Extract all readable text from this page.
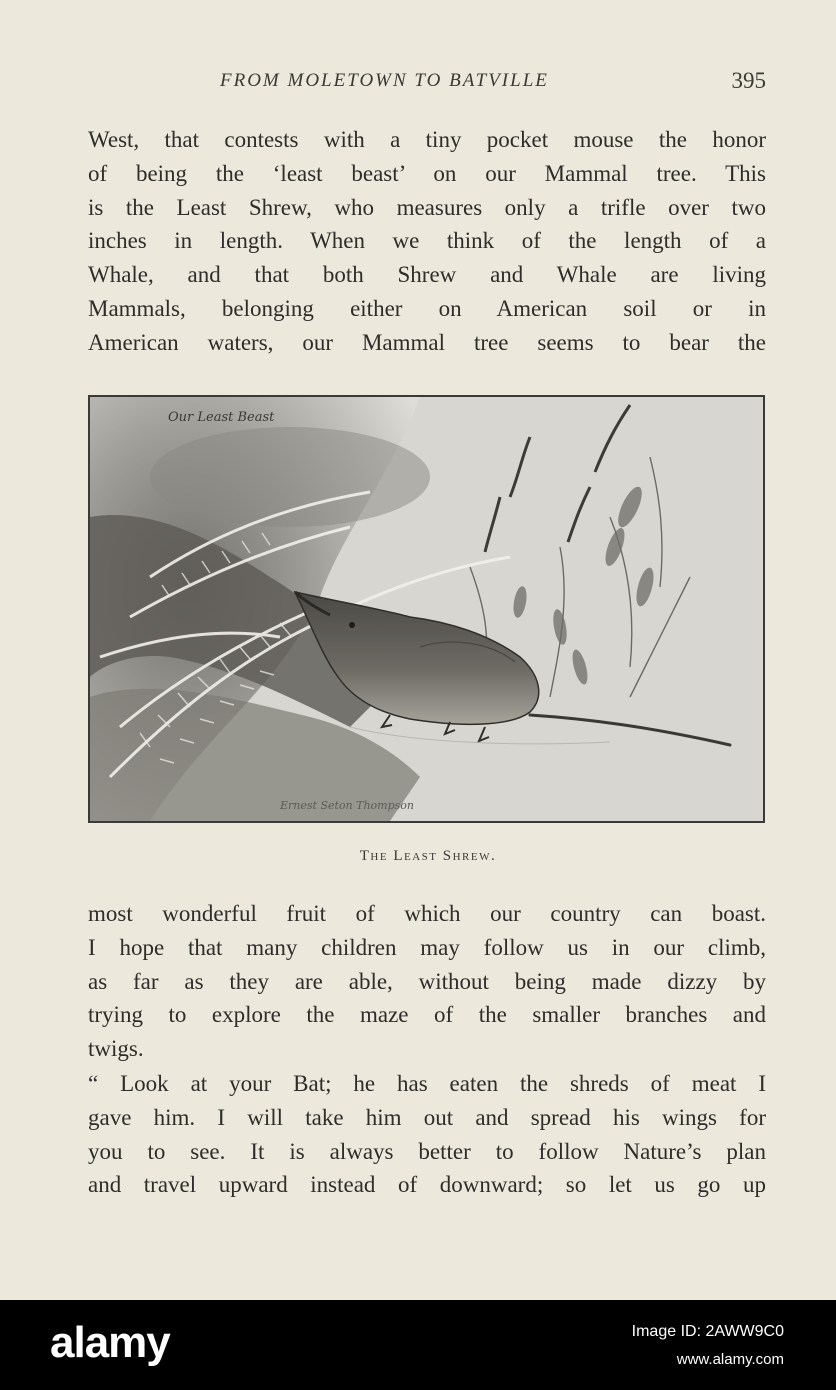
FROM MOLETOWN TO BATVILLE	395
West, that contests with a tiny pocket mouse the honor
of being the ‘least beast’ on our Mammal tree. This
is the Least Shrew, who measures only a trifle over two
inches in length. When we think of the length of a
Whale, and that both Shrew and Whale are living
Mammals, belonging either on American soil or in
American waters, our Mammal tree seems to bear the
Our Least Beast
Ernest Seton Thompson
The Least Shrew.
most wonderful fruit of which our country can boast.
I hope that many children may follow us in our climb,
as far as they are able, without being made dizzy by
trying to explore the maze of the smaller branches and
twigs.
“ Look at your Bat; he has eaten the shreds of meat I
gave him. I will take him out and spread his wings for
you to see. It is always better to follow Nature’s plan
and travel upward instead of downward; so let us go up
alamy	Image ID: 2AWW9C0
www.alamy.com
